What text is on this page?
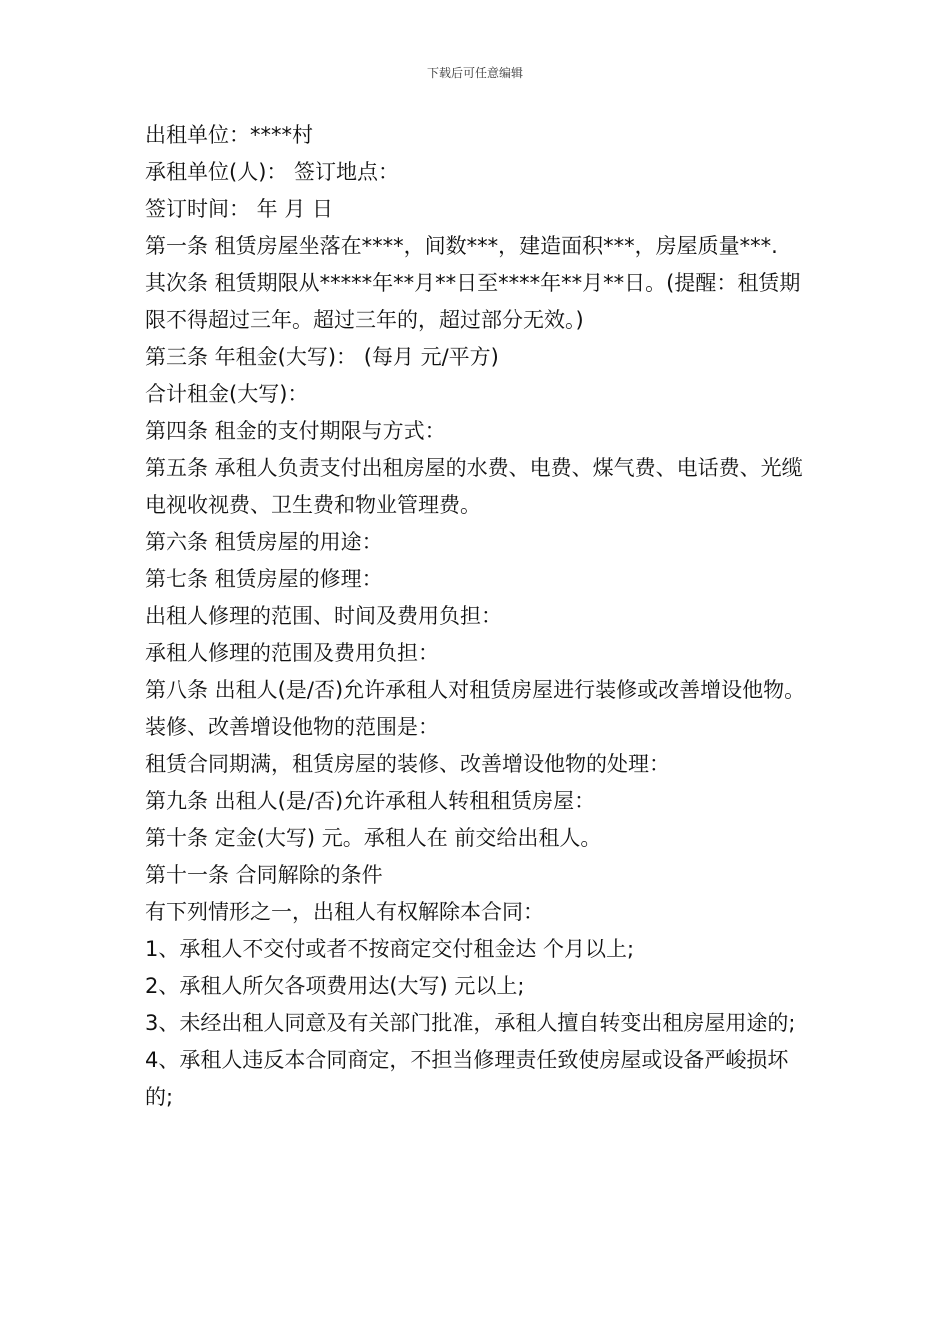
下载后可任意编辑

出租单位：****村

承租单位(人)： 签订地点：

签订时间： 年 月 日

第一条 租赁房屋坐落在****，间数***，建造面积***，房屋质量***.

其次条 租赁期限从*****年**月**日至****年**月**日。(提醒：租赁期限不得超过三年。超过三年的，超过部分无效。)

第三条 年租金(大写)： (每月 元/平方)

合计租金(大写)：

第四条 租金的支付期限与方式：

第五条 承租人负责支付出租房屋的水费、电费、煤气费、电话费、光缆电视收视费、卫生费和物业管理费。

第六条 租赁房屋的用途：

第七条 租赁房屋的修理：

出租人修理的范围、时间及费用负担：

承租人修理的范围及费用负担：

第八条 出租人(是/否)允许承租人对租赁房屋进行装修或改善增设他物。装修、改善增设他物的范围是：

租赁合同期满，租赁房屋的装修、改善增设他物的处理：

第九条 出租人(是/否)允许承租人转租租赁房屋：

第十条 定金(大写) 元。承租人在 前交给出租人。

第十一条 合同解除的条件

有下列情形之一，出租人有权解除本合同：

1、承租人不交付或者不按商定交付租金达 个月以上;

2、承租人所欠各项费用达(大写) 元以上;

3、未经出租人同意及有关部门批准，承租人擅自转变出租房屋用途的;

4、承租人违反本合同商定，不担当修理责任致使房屋或设备严峻损坏的;
